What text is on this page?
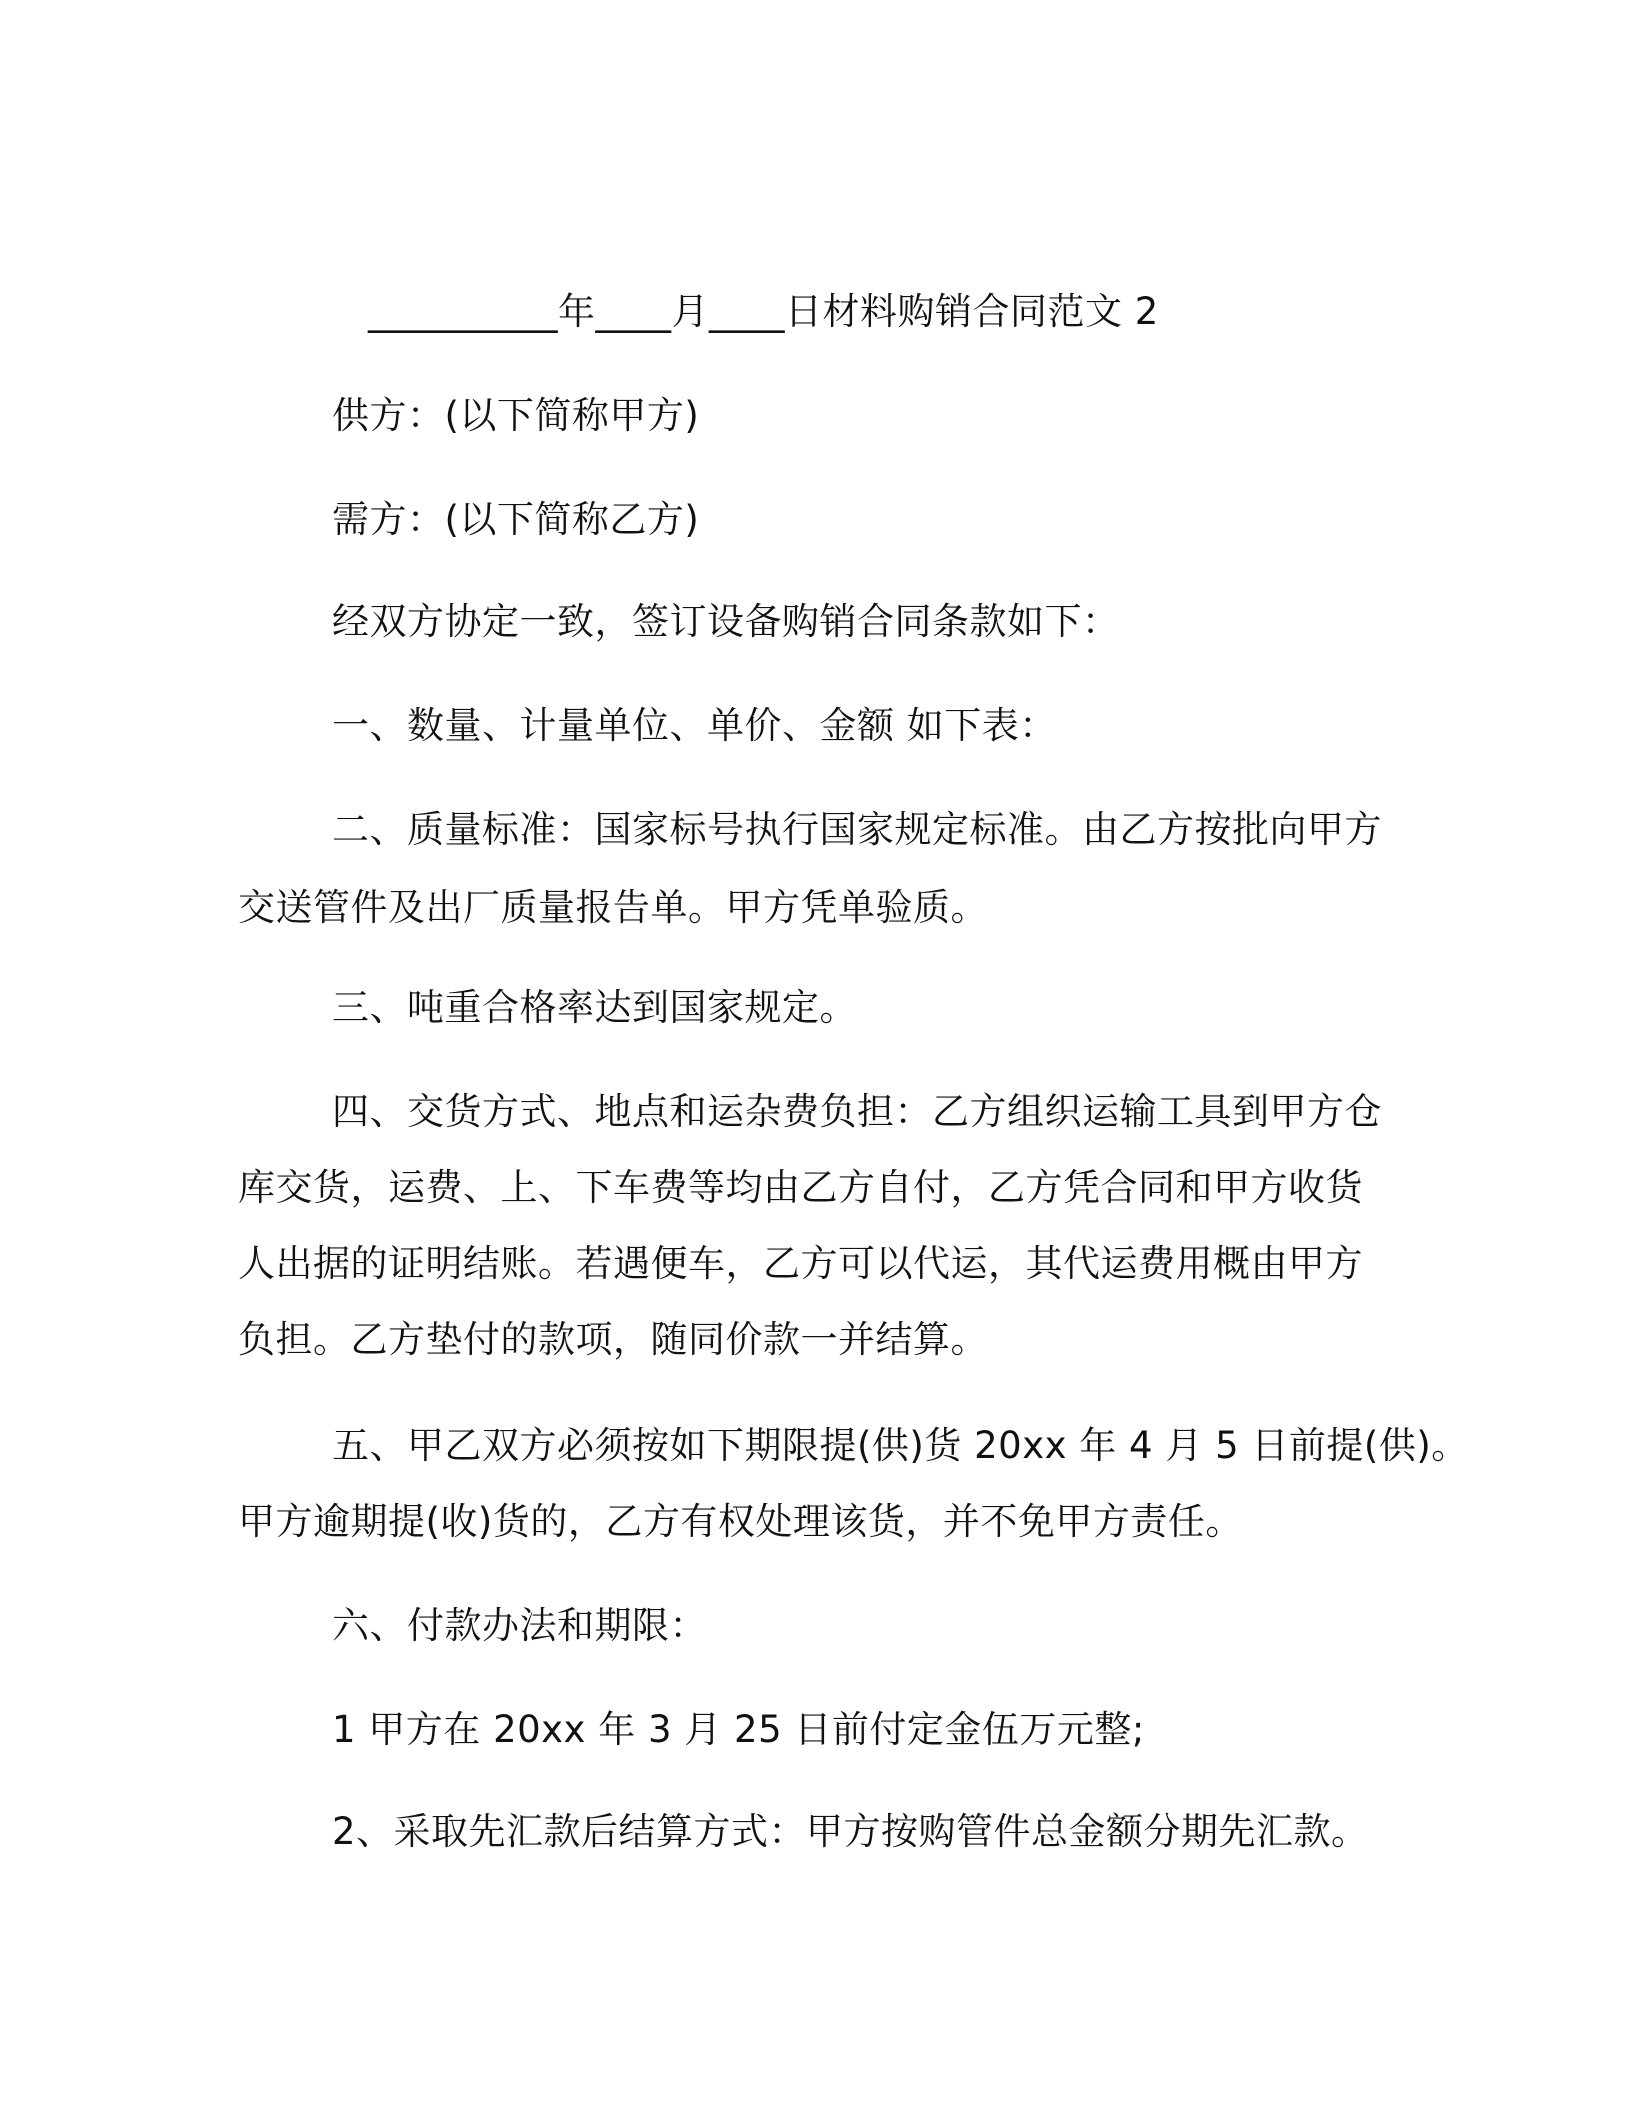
__________年____月____日材料购销合同范文 2
供方：(以下简称甲方)
需方：(以下简称乙方)
经双方协定一致，签订设备购销合同条款如下：
一、数量、计量单位、单价、金额 如下表：
二、质量标准：国家标号执行国家规定标准。由乙方按批向甲方
交送管件及出厂质量报告单。甲方凭单验质。
三、吨重合格率达到国家规定。
四、交货方式、地点和运杂费负担：乙方组织运输工具到甲方仓
库交货，运费、上、下车费等均由乙方自付，乙方凭合同和甲方收货
人出据的证明结账。若遇便车，乙方可以代运，其代运费用概由甲方
负担。乙方垫付的款项，随同价款一并结算。
五、甲乙双方必须按如下期限提(供)货 20xx 年 4 月 5 日前提(供)。
甲方逾期提(收)货的，乙方有权处理该货，并不免甲方责任。
六、付款办法和期限：
1 甲方在 20xx 年 3 月 25 日前付定金伍万元整;
2、采取先汇款后结算方式：甲方按购管件总金额分期先汇款。
